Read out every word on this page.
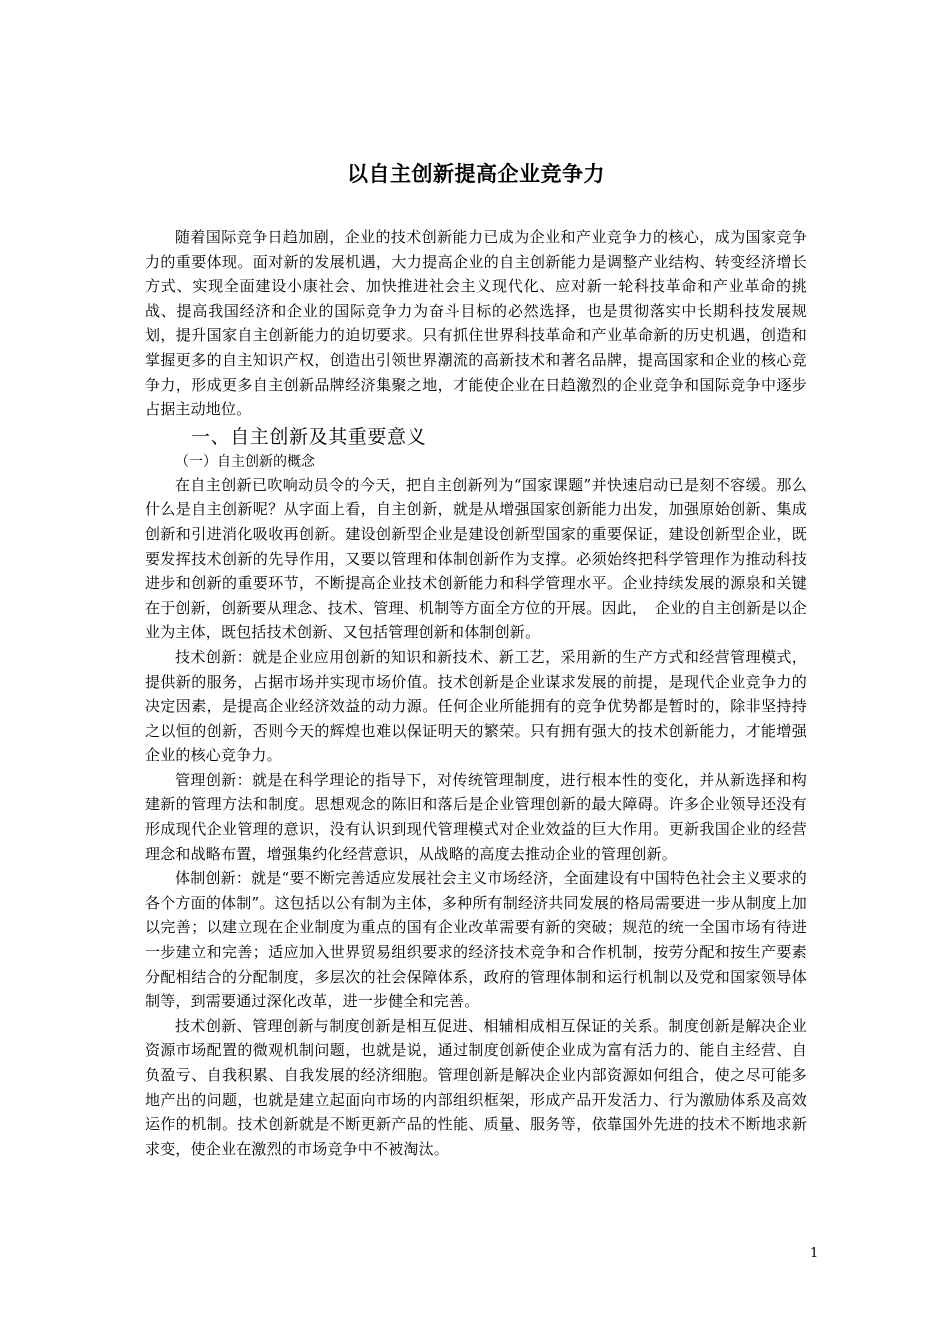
以自主创新提高企业竞争力

随着国际竞争日趋加剧，企业的技术创新能力已成为企业和产业竞争力的核心，成为国家竞争力的重要体现。面对新的发展机遇，大力提高企业的自主创新能力是调整产业结构、转变经济增长方式、实现全面建设小康社会、加快推进社会主义现代化、应对新一轮科技革命和产业革命的挑战、提高我国经济和企业的国际竞争力为奋斗目标的必然选择，也是贯彻落实中长期科技发展规划，提升国家自主创新能力的迫切要求。只有抓住世界科技革命和产业革命新的历史机遇，创造和掌握更多的自主知识产权，创造出引领世界潮流的高新技术和著名品牌，提高国家和企业的核心竞争力，形成更多自主创新品牌经济集聚之地，才能使企业在日趋激烈的企业竞争和国际竞争中逐步占据主动地位。

一、自主创新及其重要意义
（一）自主创新的概念

在自主创新已吹响动员令的今天，把自主创新列为“国家课题”并快速启动已是刻不容缓。那么什么是自主创新呢？从字面上看，自主创新，就是从增强国家创新能力出发，加强原始创新、集成创新和引进消化吸收再创新。建设创新型企业是建设创新型国家的重要保证，建设创新型企业，既要发挥技术创新的先导作用，又要以管理和体制创新作为支撑。必须始终把科学管理作为推动科技进步和创新的重要环节，不断提高企业技术创新能力和科学管理水平。企业持续发展的源泉和关键在于创新，创新要从理念、技术、管理、机制等方面全方位的开展。因此，　企业的自主创新是以企业为主体，既包括技术创新、又包括管理创新和体制创新。

技术创新：就是企业应用创新的知识和新技术、新工艺，采用新的生产方式和经营管理模式，提供新的服务，占据市场并实现市场价值。技术创新是企业谋求发展的前提，是现代企业竞争力的决定因素，是提高企业经济效益的动力源。任何企业所能拥有的竞争优势都是暂时的，除非坚持持之以恒的创新，否则今天的辉煌也难以保证明天的繁荣。只有拥有强大的技术创新能力，才能增强企业的核心竞争力。

管理创新：就是在科学理论的指导下，对传统管理制度，进行根本性的变化，并从新选择和构建新的管理方法和制度。思想观念的陈旧和落后是企业管理创新的最大障碍。许多企业领导还没有形成现代企业管理的意识，没有认识到现代管理模式对企业效益的巨大作用。更新我国企业的经营理念和战略布置，增强集约化经营意识，从战略的高度去推动企业的管理创新。

体制创新：就是“要不断完善适应发展社会主义市场经济，全面建设有中国特色社会主义要求的各个方面的体制”。这包括以公有制为主体，多种所有制经济共同发展的格局需要进一步从制度上加以完善；以建立现在企业制度为重点的国有企业改革需要有新的突破；规范的统一全国市场有待进一步建立和完善；适应加入世界贸易组织要求的经济技术竞争和合作机制，按劳分配和按生产要素分配相结合的分配制度，多层次的社会保障体系，政府的管理体制和运行机制以及党和国家领导体制等，到需要通过深化改革，进一步健全和完善。

技术创新、管理创新与制度创新是相互促进、相辅相成相互保证的关系。制度创新是解决企业资源市场配置的微观机制问题，也就是说，通过制度创新使企业成为富有活力的、能自主经营、自负盈亏、自我积累、自我发展的经济细胞。管理创新是解决企业内部资源如何组合，使之尽可能多地产出的问题，也就是建立起面向市场的内部组织框架，形成产品开发活力、行为激励体系及高效运作的机制。技术创新就是不断更新产品的性能、质量、服务等，依靠国外先进的技术不断地求新求变，使企业在激烈的市场竞争中不被淘汰。

1
